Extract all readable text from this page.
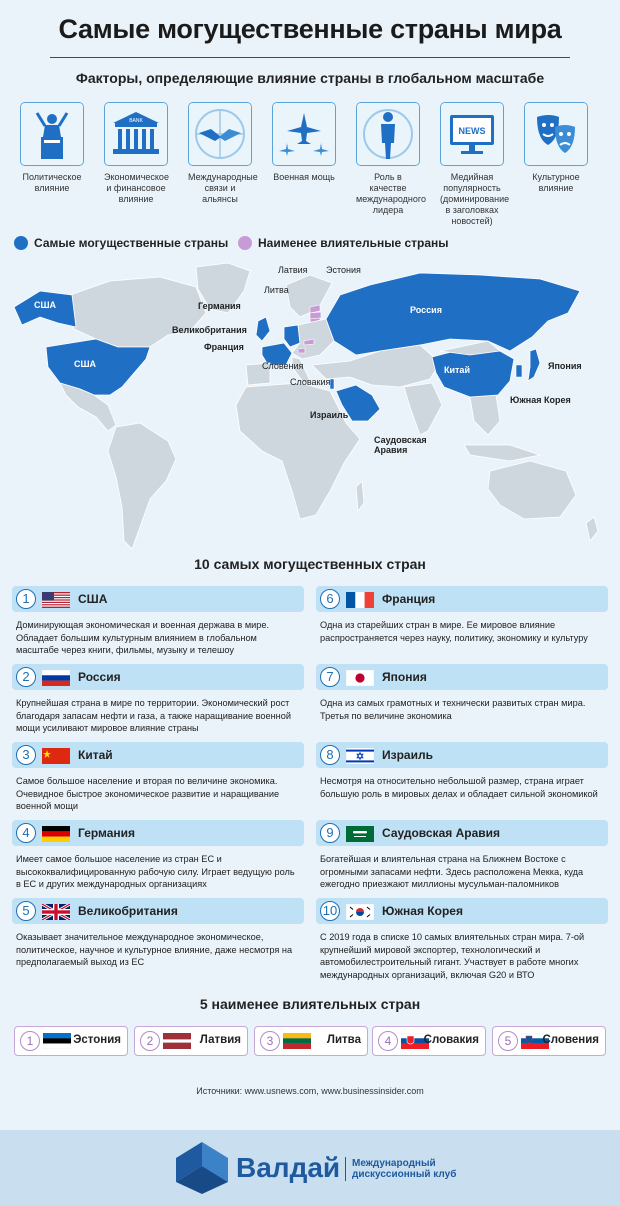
Самые могущественные страны мира
Факторы, определяющие влияние страны в глобальном масштабе
Политическое влияние
BANK
Экономическое и финансовое влияние
Международные связи и альянсы
Военная мощь	Роль в качестве международного лидера
NEWS
Медийная популярность (доминирование в заголовках новостей)
Культурное влияние
Самые могущественные страны	Наименее влиятельные страны
США
США
Россия
Китай	Япония
Южная Корея
Германия
Великобритания
Франция
Латвия Эстония
Литва
Словения
Словакия
Израиль
Саудовская Аравия
10 самых могущественных стран
1	США
Доминирующая экономическая и военная держава в мире. Обладает большим культурным влиянием в глобальном масштабе через книги, фильмы, музыку и телешоу
2	Россия
Крупнейшая страна в мире по территории. Экономический рост благодаря запасам нефти и газа, а также наращивание военной мощи усиливают мировое влияние страны
3	Китай
Самое большое население и вторая по величине экономика. Очевидное быстрое экономическое развитие и наращивание военной мощи
4	Германия
Имеет самое большое население из стран ЕС и высококвалифицированную рабочую силу. Играет ведущую роль в ЕС и других международных организациях
5	Великобритания
Оказывает значительное международное экономическое, политическое, научное и культурное влияние, даже несмотря на предполагаемый выход из ЕС
6	Франция
Одна из старейших стран в мире. Ее мировое влияние распространяется через науку, политику, экономику и культуру
7	Япония
Одна из самых грамотных и технически развитых стран мира. Третья по величине экономика
8	Израиль
Несмотря на относительно небольшой размер, страна играет большую роль в мировых делах и обладает сильной экономикой
9	Саудовская Аравия
Богатейшая и влиятельная страна на Ближнем Востоке с огромными запасами нефти. Здесь расположена Мекка, куда ежегодно приезжают миллионы мусульман-паломников
10	Южная Корея
С 2019 года в списке 10 самых влиятельных стран мира. 7-ой крупнейший мировой экспортер, технологический и автомобилестроительный гигант. Участвует в работе многих международных организаций, включая G20 и ВТО
5 наименее влиятельных стран
1	Эстония	2	Латвия	3	Литва	4	Словакия	5	Словения
Источники: www.usnews.com, www.businessinsider.com
Валдай Международный
дискуссионный клуб
